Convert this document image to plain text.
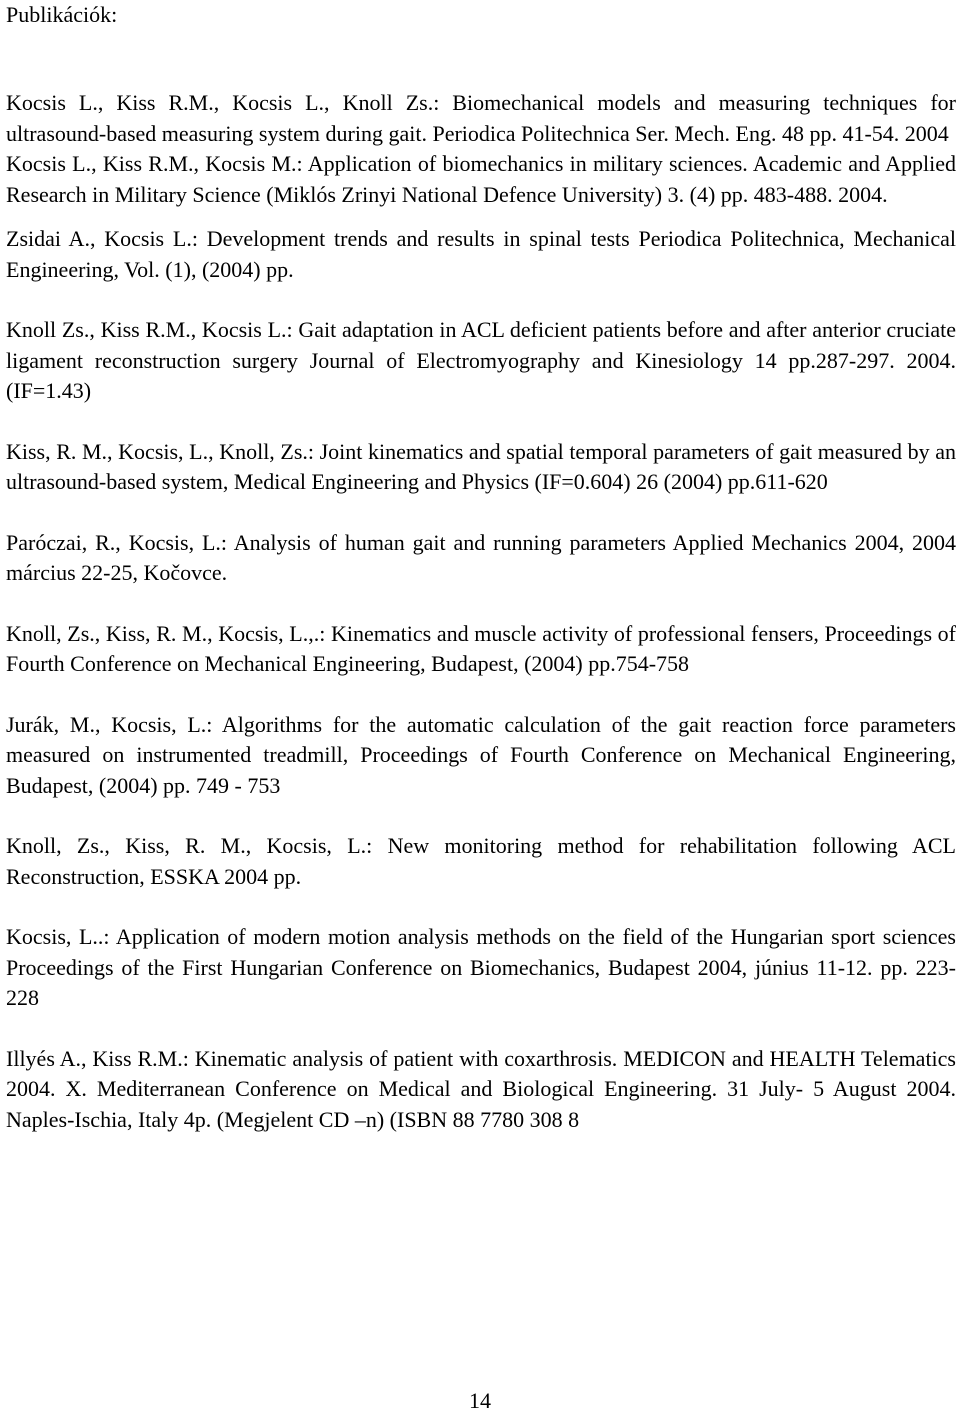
Publikációk:

Kocsis L., Kiss R.M., Kocsis L., Knoll Zs.: Biomechanical models and measuring techniques for ultrasound-based measuring system during gait. Periodica Politechnica Ser. Mech. Eng. 48 pp. 41-54. 2004

Kocsis L., Kiss R.M., Kocsis M.: Application of biomechanics in military sciences. Academic and Applied Research in Military Science (Miklós Zrinyi National Defence University) 3. (4) pp. 483-488. 2004.

Zsidai A., Kocsis L.: Development trends and results in spinal tests Periodica Politechnica, Mechanical Engineering, Vol. (1), (2004) pp.

Knoll Zs., Kiss R.M., Kocsis L.: Gait adaptation in ACL deficient patients before and after anterior cruciate ligament reconstruction surgery Journal of Electromyography and Kinesiology 14 pp.287-297. 2004. (IF=1.43)

Kiss, R. M., Kocsis, L., Knoll, Zs.: Joint kinematics and spatial temporal parameters of gait measured by an ultrasound-based system, Medical Engineering and Physics (IF=0.604) 26 (2004) pp.611-620

Paróczai, R., Kocsis, L.: Analysis of human gait and running parameters Applied Mechanics 2004, 2004 március 22-25, Kočovce.

Knoll, Zs., Kiss, R. M., Kocsis, L.,.: Kinematics and muscle activity of professional fensers, Proceedings of Fourth Conference on Mechanical Engineering, Budapest, (2004) pp.754-758

Jurák, M., Kocsis, L.: Algorithms for the automatic calculation of the gait reaction force parameters measured on instrumented treadmill, Proceedings of Fourth Conference on Mechanical Engineering, Budapest, (2004) pp. 749 - 753

Knoll, Zs., Kiss, R. M., Kocsis, L.: New monitoring method for rehabilitation following ACL Reconstruction, ESSKA 2004 pp.

Kocsis, L..: Application of modern motion analysis methods on the field of the Hungarian sport sciences Proceedings of the First Hungarian Conference on Biomechanics, Budapest 2004, június 11-12. pp. 223-228

Illyés A., Kiss R.M.: Kinematic analysis of patient with coxarthrosis. MEDICON and HEALTH Telematics 2004. X. Mediterranean Conference on Medical and Biological Engineering. 31 July- 5 August 2004. Naples-Ischia, Italy 4p. (Megjelent CD –n) (ISBN 88 7780 308 8

14
